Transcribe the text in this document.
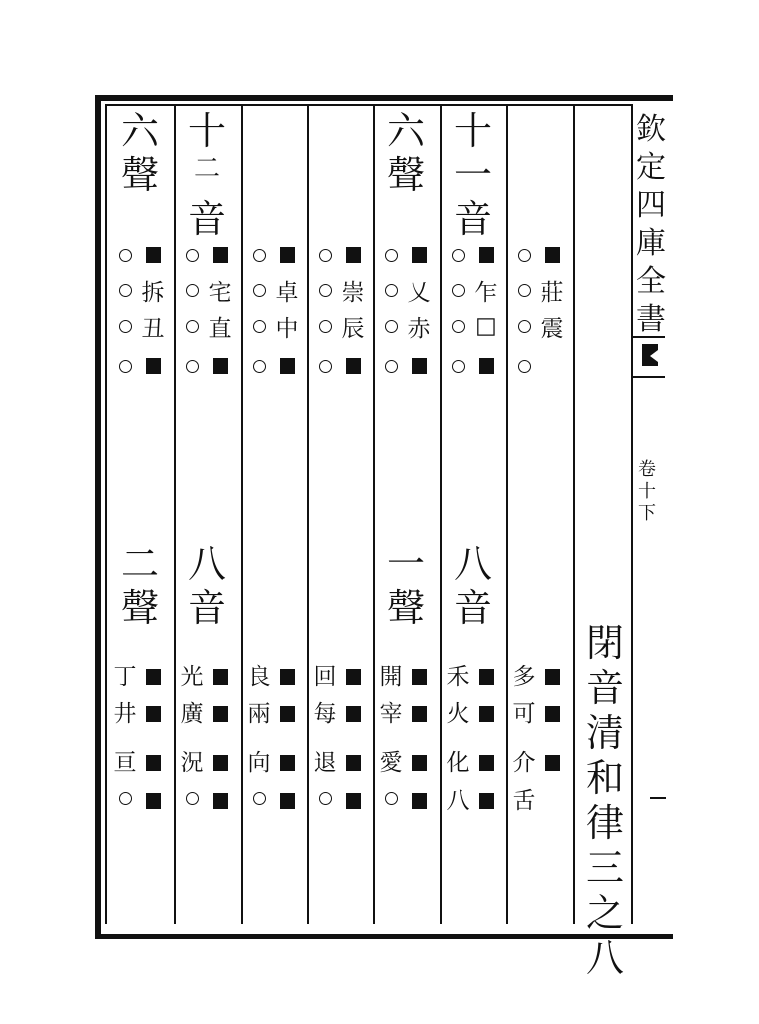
欽
定
四
庫
全
書
卷
十
下
閉
音
清
和
律
三
之
八
六
聲
二
聲
拆
丑
丁
井
亘
十
二
音
八
音
宅
直
光
廣
況
卓
中
良
兩
向
崇
辰
回
每
退
六
聲
一
聲
乂
赤
開
宰
愛
十
一
音
八
音
乍
□
禾
火
化
八
莊
震
多
可
介
舌
